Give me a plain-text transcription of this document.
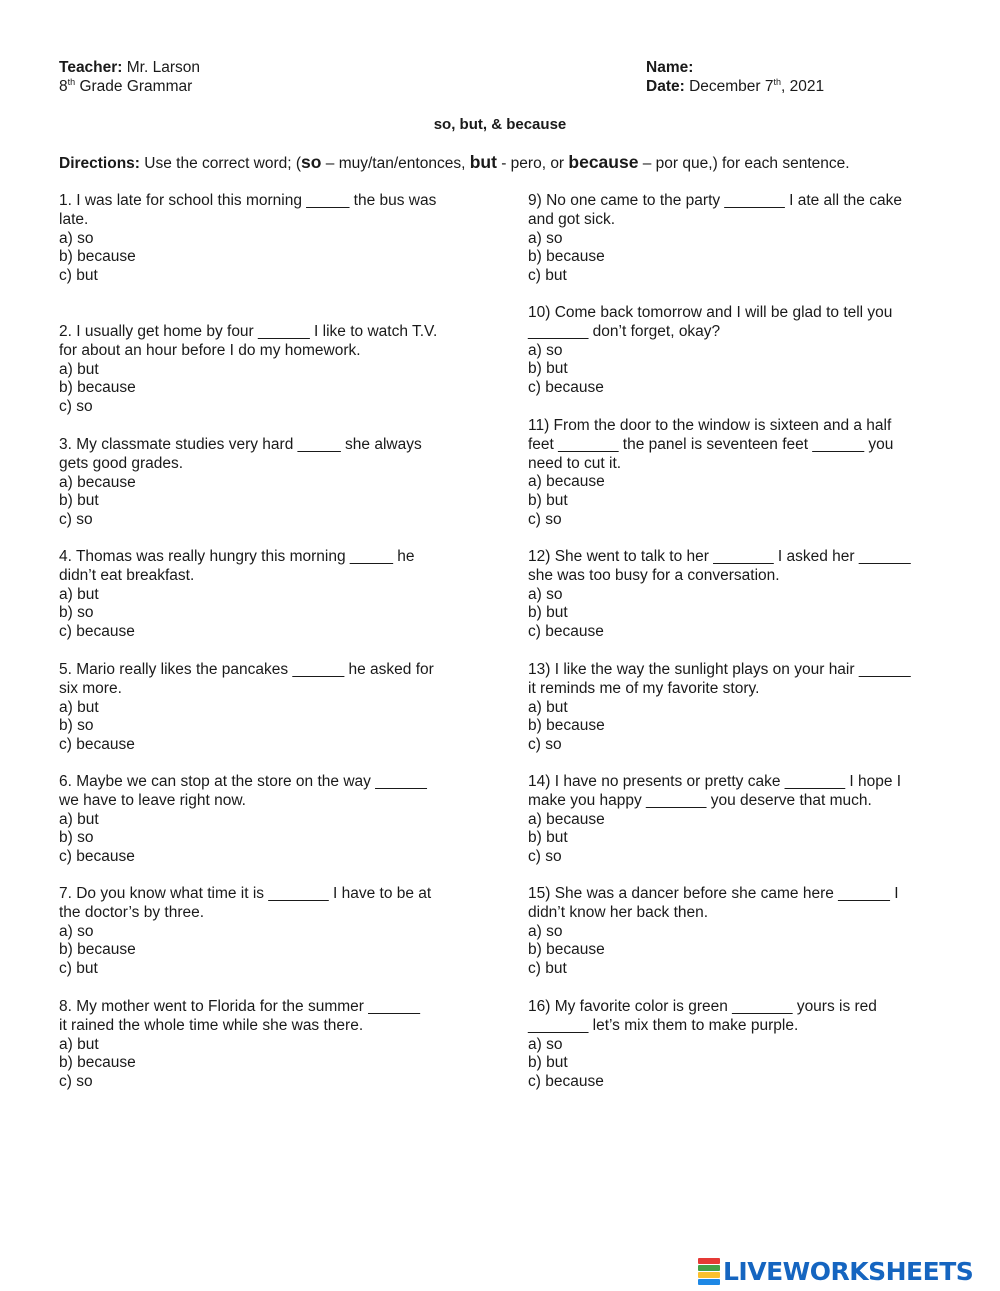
Teacher: Mr. Larson
8th Grade Grammar
Name:
Date: December 7th, 2021
so, but, & because
Directions: Use the correct word; (so – muy/tan/entonces, but - pero, or because – por que,) for each sentence.
1. I was late for school this morning _____ the bus was
late.
a) so
b) because
c) but
2. I usually get home by four ______ I like to watch T.V.
for about an hour before I do my homework.
a) but
b) because
c) so
3. My classmate studies very hard _____ she always
gets good grades.
a) because
b) but
c) so
4. Thomas was really hungry this morning _____ he
didn’t eat breakfast.
a) but
b) so
c) because
5. Mario really likes the pancakes ______ he asked for
six more.
a) but
b) so
c) because
6. Maybe we can stop at the store on the way ______
we have to leave right now.
a) but
b) so
c) because
7. Do you know what time it is _______ I have to be at
the doctor’s by three.
a) so
b) because
c) but
8. My mother went to Florida for the summer ______
it rained the whole time while she was there.
a) but
b) because
c) so
9) No one came to the party _______ I ate all the cake
and got sick.
a) so
b) because
c) but
10) Come back tomorrow and I will be glad to tell you
_______ don’t forget, okay?
a) so
b) but
c) because
11) From the door to the window is sixteen and a half
feet _______ the panel is seventeen feet ______ you
need to cut it.
a) because
b) but
c) so
12) She went to talk to her _______ I asked her ______
she was too busy for a conversation.
a) so
b) but
c) because
13) I like the way the sunlight plays on your hair ______
it reminds me of my favorite story.
a) but
b) because
c) so
14) I have no presents or pretty cake _______ I hope I
make you happy _______ you deserve that much.
a) because
b) but
c) so
15) She was a dancer before she came here ______ I
didn’t know her back then.
a) so
b) because
c) but
16) My favorite color is green _______ yours is red
_______ let’s mix them to make purple.
a) so
b) but
c) because
LIVEWORKSHEETS
